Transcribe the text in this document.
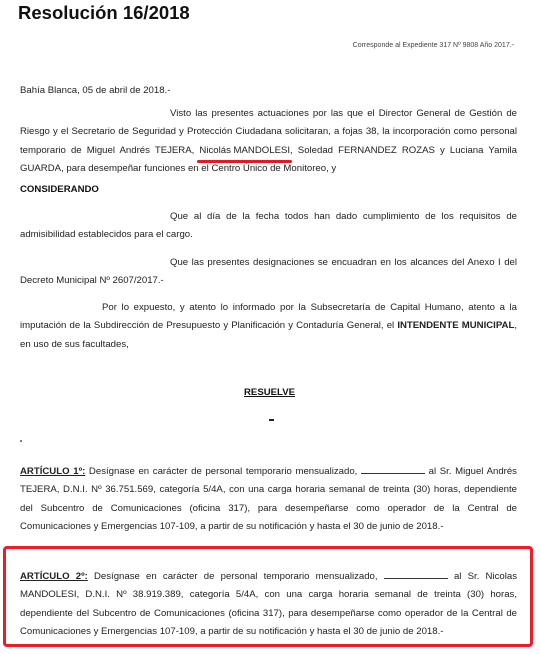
Resolución 16/2018
Corresponde al Expediente 317 Nº 9808 Año 2017.-
Bahía Blanca, 05 de abril de 2018.-

Visto las presentes actuaciones por las que el Director General de Gestión de Riesgo y el Secretario de Seguridad y Protección Ciudadana solicitaran, a fojas 38, la incorporación como personal temporario de Miguel Andrés TEJERA, Nicolás MANDOLESI
, Soledad FERNANDEZ ROZAS y Luciana Yamila GUARDA, para desempeñar funciones en el Centro Único de Monitoreo, y

CONSIDERANDO

Que al día de la fecha todos han dado cumplimiento de los requisitos de admisibilidad establecidos para el cargo.

Que las presentes designaciones se encuadran en los alcances del Anexo I del Decreto Municipal Nº 2607/2017.-

Por lo expuesto, y atento lo informado por la Subsecretaría de Capital Humano, atento a la imputación de la Subdirección de Presupuesto y Planificación y Contaduría General, el INTENDENTE MUNICIPAL, en uso de sus facultades,

RESUELVE

ARTÍCULO 1º: Desígnase en carácter de personal temporario mensualizado,	al Sr. Miguel Andrés TEJERA, D.N.I. Nº 36.751.569, categoría 5/4A, con una carga horaria semanal de treinta (30) horas, dependiente del Subcentro de Comunicaciones (oficina 317), para desempeñarse como operador de la Central de Comunicaciones y Emergencias 107-109, a partir de su notificación y hasta el 30 de junio de 2018.-

ARTÍCULO 2º: Desígnase en carácter de personal temporario mensualizado,	al Sr. Nicolas MANDOLESI, D.N.I. Nº 38.919.389, categoría 5/4A, con una carga horaria semanal de treinta (30) horas, dependiente del Subcentro de Comunicaciones (oficina 317), para desempeñarse como operador de la Central de Comunicaciones y Emergencias 107-109, a partir de su notificación y hasta el 30 de junio de 2018.-
